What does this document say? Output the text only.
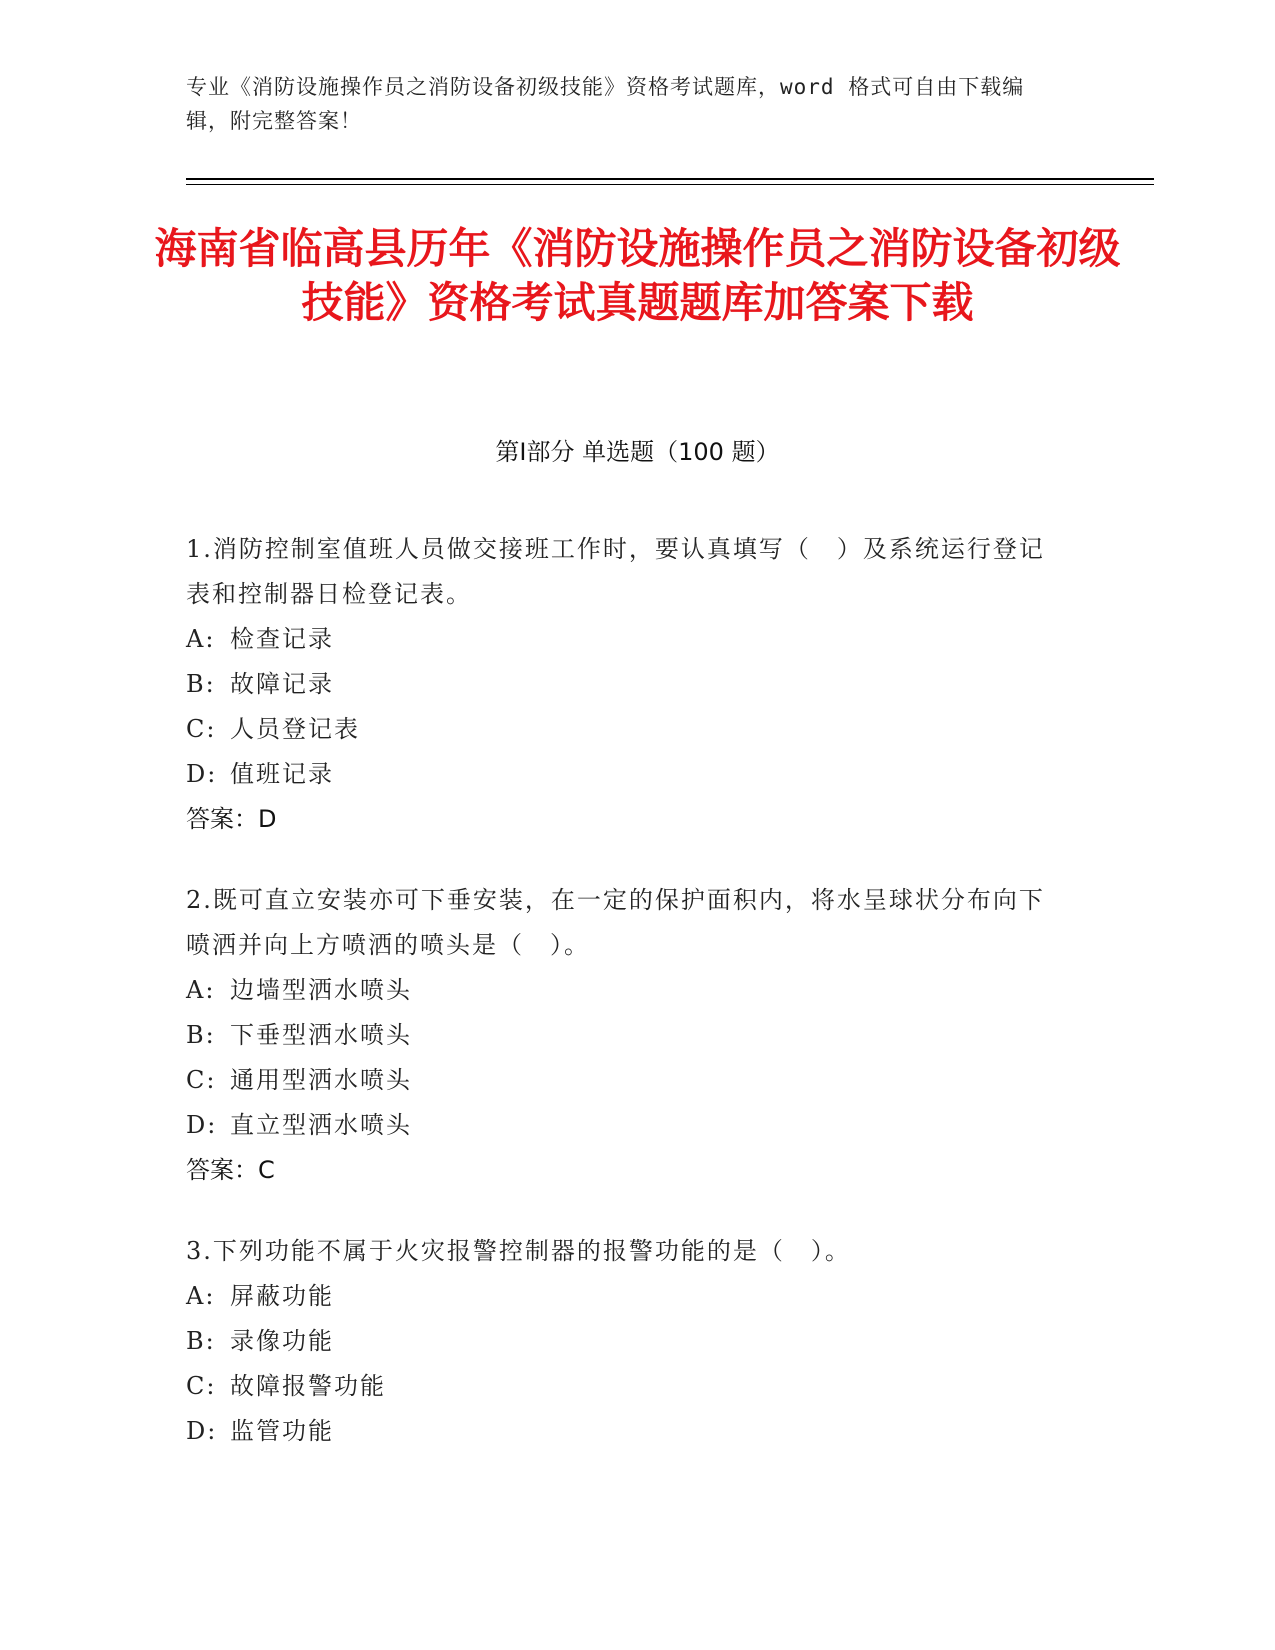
专业《消防设施操作员之消防设备初级技能》资格考试题库，word 格式可自由下载编辑，附完整答案！
海南省临高县历年《消防设施操作员之消防设备初级技能》资格考试真题题库加答案下载
第Ⅰ部分 单选题（100 题）
1.消防控制室值班人员做交接班工作时，要认真填写（　）及系统运行登记表和控制器日检登记表。
A: 检查记录
B: 故障记录
C: 人员登记表
D: 值班记录
答案：D
2.既可直立安装亦可下垂安装，在一定的保护面积内，将水呈球状分布向下喷洒并向上方喷洒的喷头是（　）。
A: 边墙型洒水喷头
B: 下垂型洒水喷头
C: 通用型洒水喷头
D: 直立型洒水喷头
答案：C
3.下列功能不属于火灾报警控制器的报警功能的是（　）。
A: 屏蔽功能
B: 录像功能
C: 故障报警功能
D: 监管功能
